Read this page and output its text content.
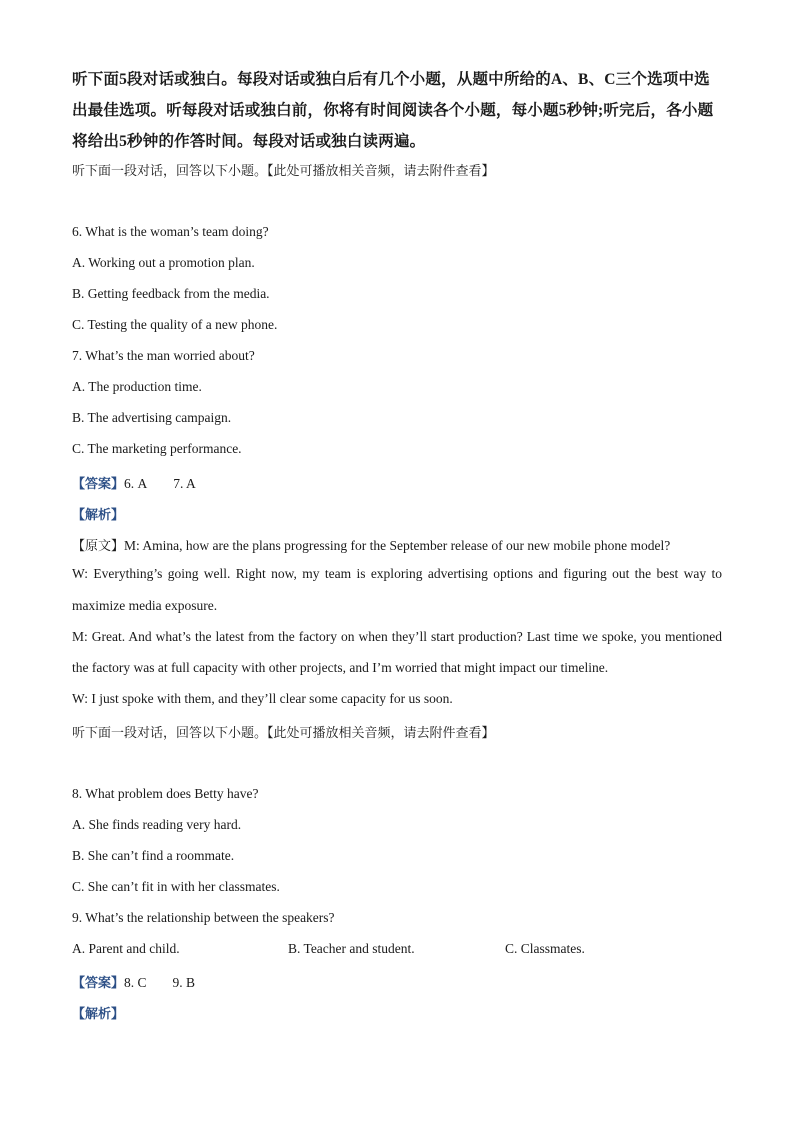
听下面5段对话或独白。每段对话或独白后有几个小题，从题中所给的A、B、C三个选项中选出最佳选项。听每段对话或独白前，你将有时间阅读各个小题，每小题5秒钟;听完后，各小题将给出5秒钟的作答时间。每段对话或独白读两遍。
听下面一段对话，回答以下小题。【此处可播放相关音频，请去附件查看】
6. What is the woman’s team doing?
A. Working out a promotion plan.
B. Getting feedback from the media.
C. Testing the quality of a new phone.
7. What’s the man worried about?
A. The production time.
B. The advertising campaign.
C. The marketing performance.
【答案】6. A 7. A
【解析】
【原文】M: Amina, how are the plans progressing for the September release of our new mobile phone model?
W: Everything’s going well. Right now, my team is exploring advertising options and figuring out the best way to
maximize media exposure.
M: Great. And what’s the latest from the factory on when they’ll start production? Last time we spoke, you mentioned
the factory was at full capacity with other projects, and I’m worried that might impact our timeline.
W: I just spoke with them, and they’ll clear some capacity for us soon.
听下面一段对话，回答以下小题。【此处可播放相关音频，请去附件查看】
8. What problem does Betty have?
A. She finds reading very hard.
B. She can’t find a roommate.
C. She can’t fit in with her classmates.
9. What’s the relationship between the speakers?
A. Parent and child.	B. Teacher and student.	C. Classmates.
【答案】8. C 9. B
【解析】
